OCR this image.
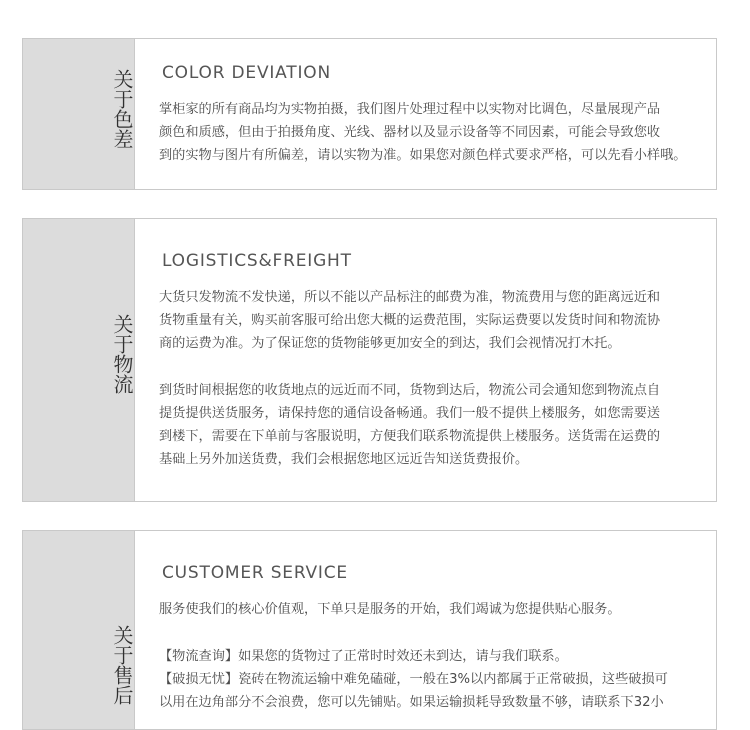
关于色差 COLOR DEVIATION
掌柜家的所有商品均为实物拍摄，我们图片处理过程中以实物对比调色，尽量展现产品
颜色和质感，但由于拍摄角度、光线、器材以及显示设备等不同因素，可能会导致您收
到的实物与图片有所偏差，请以实物为准。如果您对颜色样式要求严格，可以先看小样哦。
关于物流
LOGISTICS&FREIGHT
大货只发物流不发快递，所以不能以产品标注的邮费为准，物流费用与您的距离远近和
货物重量有关，购买前客服可给出您大概的运费范围，实际运费要以发货时间和物流协
商的运费为准。为了保证您的货物能够更加安全的到达，我们会视情况打木托。
到货时间根据您的收货地点的远近而不同，货物到达后，物流公司会通知您到物流点自
提货提供送货服务，请保持您的通信设备畅通。我们一般不提供上楼服务，如您需要送
到楼下，需要在下单前与客服说明，方便我们联系物流提供上楼服务。送货需在运费的
基础上另外加送货费，我们会根据您地区远近告知送货费报价。
关于售后
CUSTOMER SERVICE
服务使我们的核心价值观，下单只是服务的开始，我们竭诚为您提供贴心服务。
【物流查询】如果您的货物过了正常时时效还未到达，请与我们联系。
【破损无忧】瓷砖在物流运输中难免磕碰，一般在3%以内都属于正常破损，这些破损可
以用在边角部分不会浪费，您可以先铺贴。如果运输损耗导致数量不够，请联系下32小
